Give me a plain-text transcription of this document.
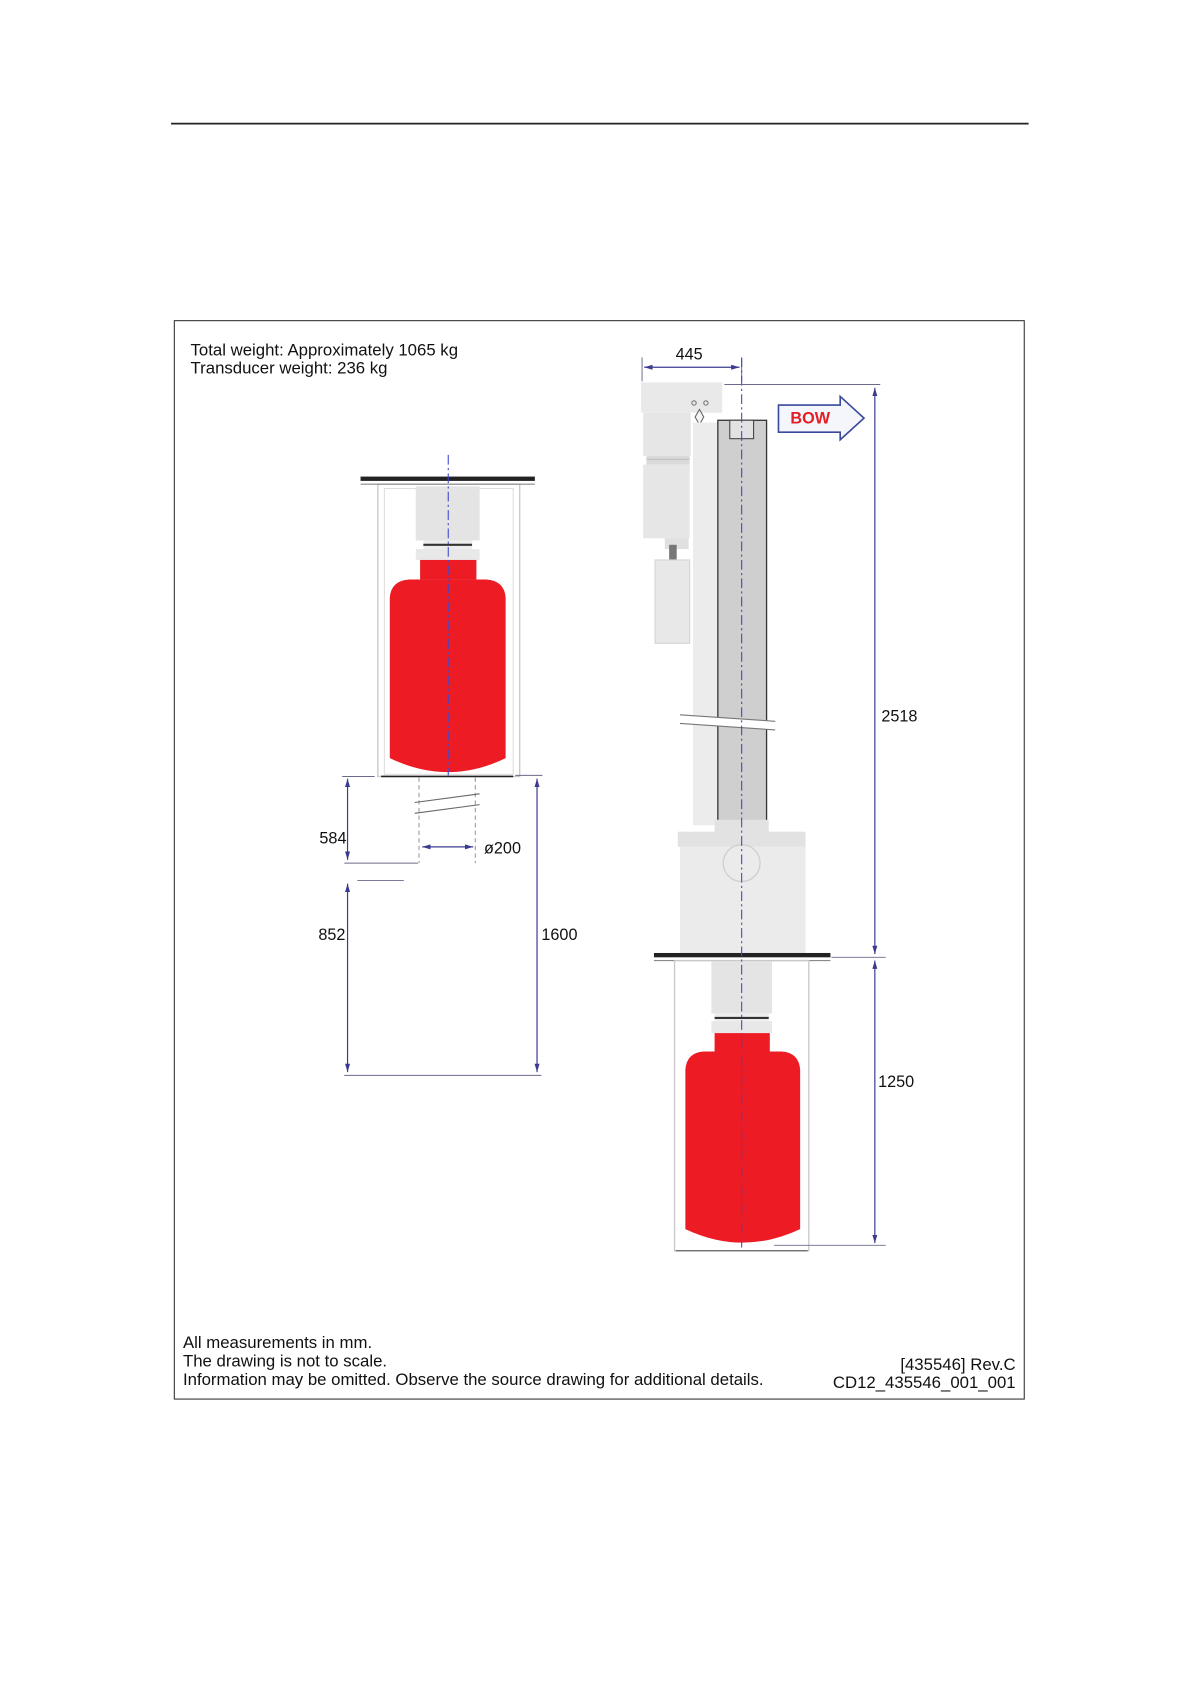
Total weight: Approximately 1065 kg
Transducer weight: 236 kg
ø200
584
852	1600
445
BOW
2518
1250
All measurements in mm.
The drawing is not to scale.
Information may be omitted. Observe the source drawing for additional details.
[435546] Rev.C
CD12_435546_001_001
